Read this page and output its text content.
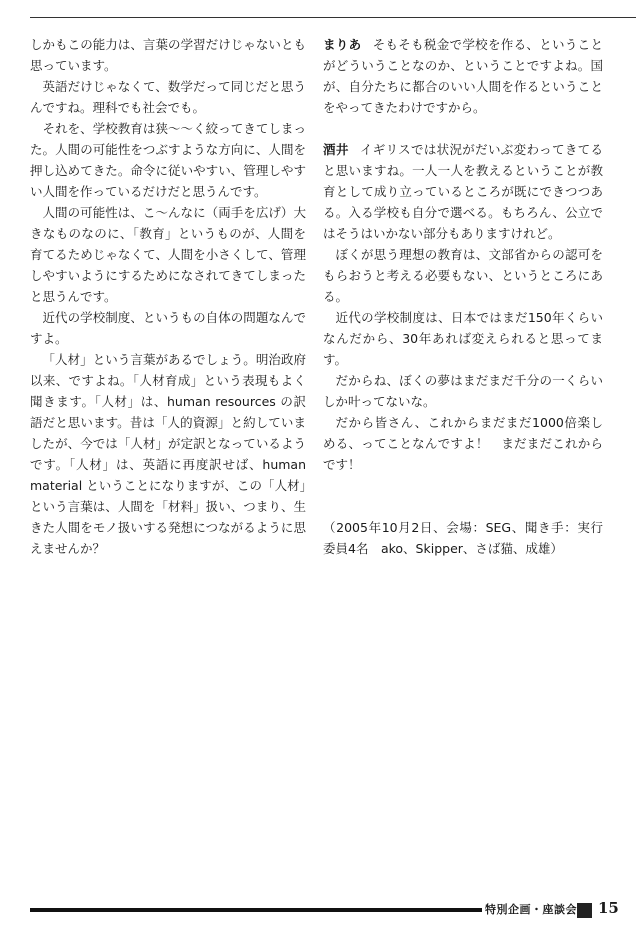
しかもこの能力は、言葉の学習だけじゃないとも思っています。

英語だけじゃなくて、数学だって同じだと思うんですね。理科でも社会でも。

それを、学校教育は狭〜〜く絞ってきてしまった。人間の可能性をつぶすような方向に、人間を押し込めてきた。命令に従いやすい、管理しやすい人間を作っているだけだと思うんです。

人間の可能性は、こ〜んなに（両手を広げ）大きなものなのに、「教育」というものが、人間を育てるためじゃなくて、人間を小さくして、管理しやすいようにするためになされてきてしまったと思うんです。

近代の学校制度、というもの自体の問題なんですよ。

「人材」という言葉があるでしょう。明治政府以来、ですよね。「人材育成」という表現もよく聞きます。「人材」は、human resources の訳語だと思います。昔は「人的資源」と約していましたが、今では「人材」が定訳となっているようです。「人材」は、英語に再度訳せば、human material ということになりますが、この「人材」という言葉は、人間を「材料」扱い、つまり、生きた人間をモノ扱いする発想につながるように思えませんか？

まりあ そもそも税金で学校を作る、ということがどういうことなのか、ということですよね。国が、自分たちに都合のいい人間を作るということをやってきたわけですから。

酒井 イギリスでは状況がだいぶ変わってきてると思いますね。一人一人を教えるということが教育として成り立っているところが既にできつつある。入る学校も自分で選べる。もちろん、公立ではそうはいかない部分もありますけれど。

ぼくが思う理想の教育は、文部省からの認可をもらおうと考える必要もない、というところにある。

近代の学校制度は、日本ではまだ150年くらいなんだから、30年あれば変えられると思ってます。

だからね、ぼくの夢はまだまだ千分の一くらいしか叶ってないな。

だから皆さん、これからまだまだ1000倍楽しめる、ってことなんですよ！　まだまだこれからです！

（2005年10月2日、会場：SEG、聞き手：実行委員4名　ako、Skipper、さば猫、成雄）

特別企画・座談会 15
